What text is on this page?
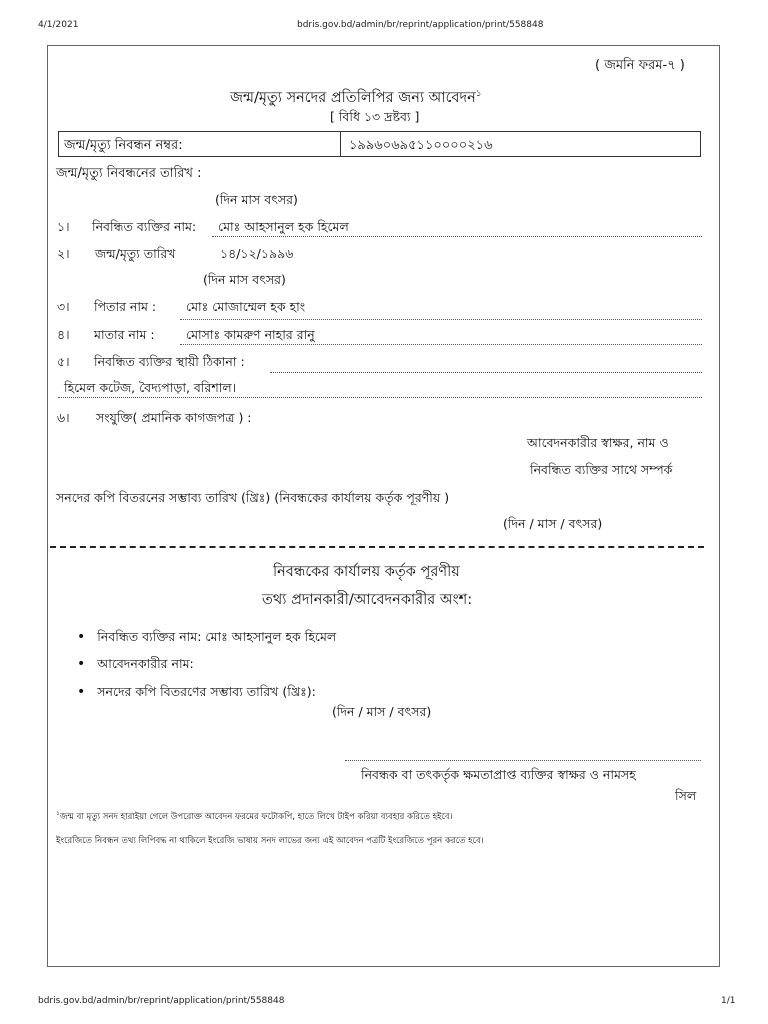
4/1/2021	bdris.gov.bd/admin/br/reprint/application/print/558848
( জমনি ফরম-৭ )
জন্ম/মৃত্যু সনদের প্রতিলিপির জন্য আবেদন$^১$
[ বিধি ১৩ দ্রষ্টব্য ]
জন্ম/মৃত্যু নিবন্ধন নম্বর:	১৯৯৬০৬৯৫১১০০০০২১৬
জন্ম/মৃত্যু নিবন্ধনের তারিখ :
(দিন মাস বৎসর)
১। নিবন্ধিত ব্যক্তির নাম: মোঃ আহসানুল হক হিমেল
২। জন্ম/মৃত্যু তারিখ	১৪/১২/১৯৯৬
(দিন মাস বৎসর)
৩। পিতার নাম : মোঃ মোজাম্মেল হক হাং
৪। মাতার নাম :	মোসাঃ কামরুণ নাহার রানু
৫। নিবন্ধিত ব্যক্তির স্থায়ী ঠিকানা :
হিমেল কটেজ, বৈদ্যপাড়া, বরিশাল।
৬। সংযুক্তি( প্রমানিক কাগজপত্র ) :
আবেদনকারীর স্বাক্ষর, নাম ও
নিবন্ধিত ব্যক্তির সাথে সম্পর্ক
সনদের কপি বিতরনের সম্ভাব্য তারিখ (খ্রিঃ) (নিবন্ধকের কার্যালয় কর্তৃক পূরণীয় )
(দিন / মাস / বৎসর)
নিবন্ধকের কার্যালয় কর্তৃক পূরণীয়
তথ্য প্রদানকারী/আবেদনকারীর অংশ:
• নিবন্ধিত ব্যক্তির নাম: মোঃ আহসানুল হক হিমেল
• আবেদনকারীর নাম:
• সনদের কপি বিতরণের সম্ভাব্য তারিখ (খ্রিঃ):
(দিন / মাস / বৎসর)
নিবন্ধক বা তৎকর্তৃক ক্ষমতাপ্রাপ্ত ব্যক্তির স্বাক্ষর ও নামসহ
সিল
$^১$জন্ম বা মৃত্যু সনদ হারাইয়া গেলে উপরোক্ত আবেদন ফরমের ফটোকপি, হাতে লিখে টাইপ করিয়া ব্যবহার করিতে হইবে।
ইংরেজিতে নিবন্ধন তথ্য লিপিবদ্ধ না থাকিলে ইংরেজি ভাষায় সনদ লাভের জন্য এই আবেদন পত্রটি ইংরেজিতে পূরন করতে হবে।
bdris.gov.bd/admin/br/reprint/application/print/558848	1/1
